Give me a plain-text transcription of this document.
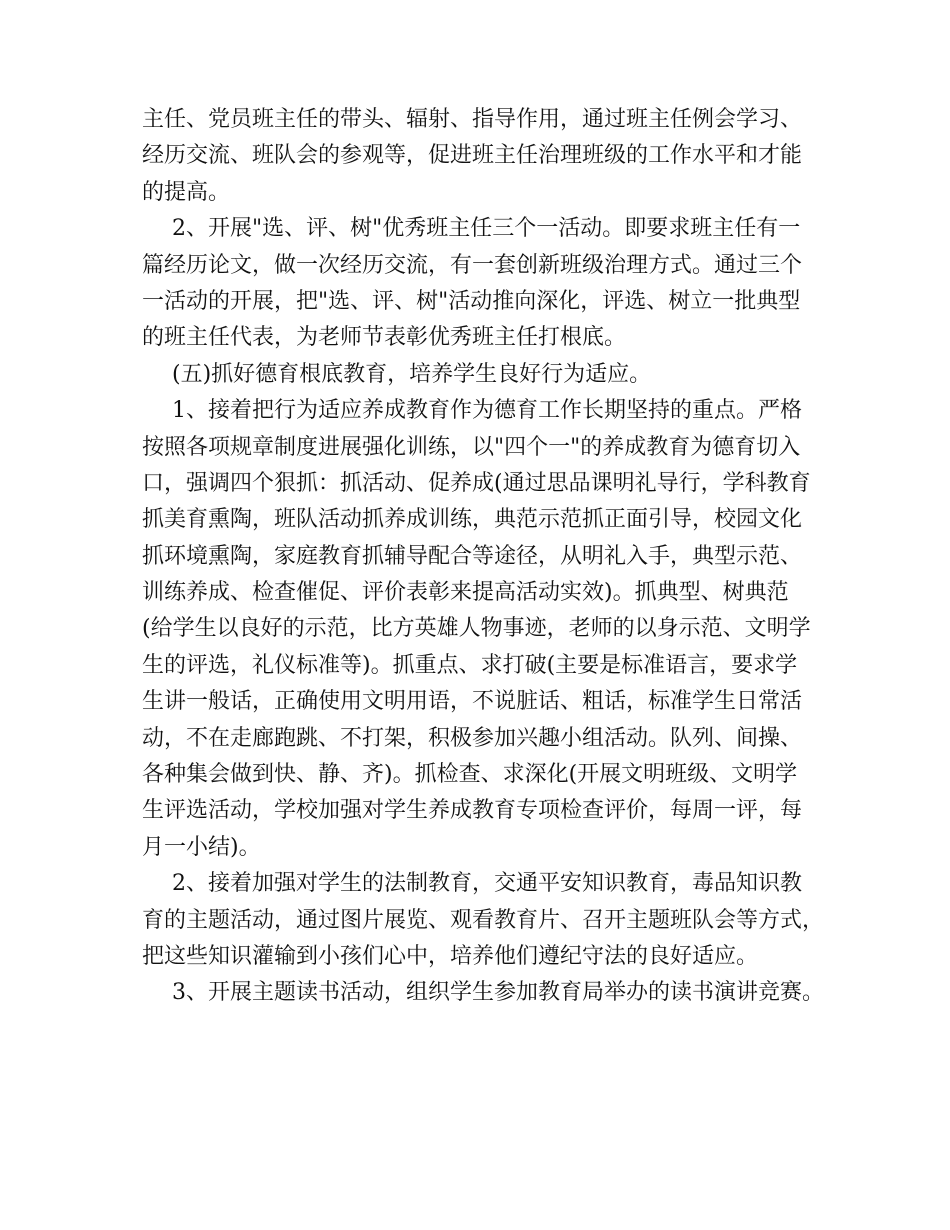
主任、党员班主任的带头、辐射、指导作用，通过班主任例会学习、
经历交流、班队会的参观等，促进班主任治理班级的工作水平和才能
的提高。
2、开展"选、评、树"优秀班主任三个一活动。即要求班主任有一
篇经历论文，做一次经历交流，有一套创新班级治理方式。通过三个
一活动的开展，把"选、评、树"活动推向深化，评选、树立一批典型
的班主任代表，为老师节表彰优秀班主任打根底。
(五)抓好德育根底教育，培养学生良好行为适应。
1、接着把行为适应养成教育作为德育工作长期坚持的重点。严格
按照各项规章制度进展强化训练，以"四个一"的养成教育为德育切入
口，强调四个狠抓：抓活动、促养成(通过思品课明礼导行，学科教育
抓美育熏陶，班队活动抓养成训练，典范示范抓正面引导，校园文化
抓环境熏陶，家庭教育抓辅导配合等途径，从明礼入手，典型示范、
训练养成、检查催促、评价表彰来提高活动实效)。抓典型、树典范
(给学生以良好的示范，比方英雄人物事迹，老师的以身示范、文明学
生的评选，礼仪标准等)。抓重点、求打破(主要是标准语言，要求学
生讲一般话，正确使用文明用语，不说脏话、粗话，标准学生日常活
动，不在走廊跑跳、不打架，积极参加兴趣小组活动。队列、间操、
各种集会做到快、静、齐)。抓检查、求深化(开展文明班级、文明学
生评选活动，学校加强对学生养成教育专项检查评价，每周一评，每
月一小结)。
2、接着加强对学生的法制教育，交通平安知识教育，毒品知识教
育的主题活动，通过图片展览、观看教育片、召开主题班队会等方式，
把这些知识灌输到小孩们心中，培养他们遵纪守法的良好适应。
3、开展主题读书活动，组织学生参加教育局举办的读书演讲竞赛。
